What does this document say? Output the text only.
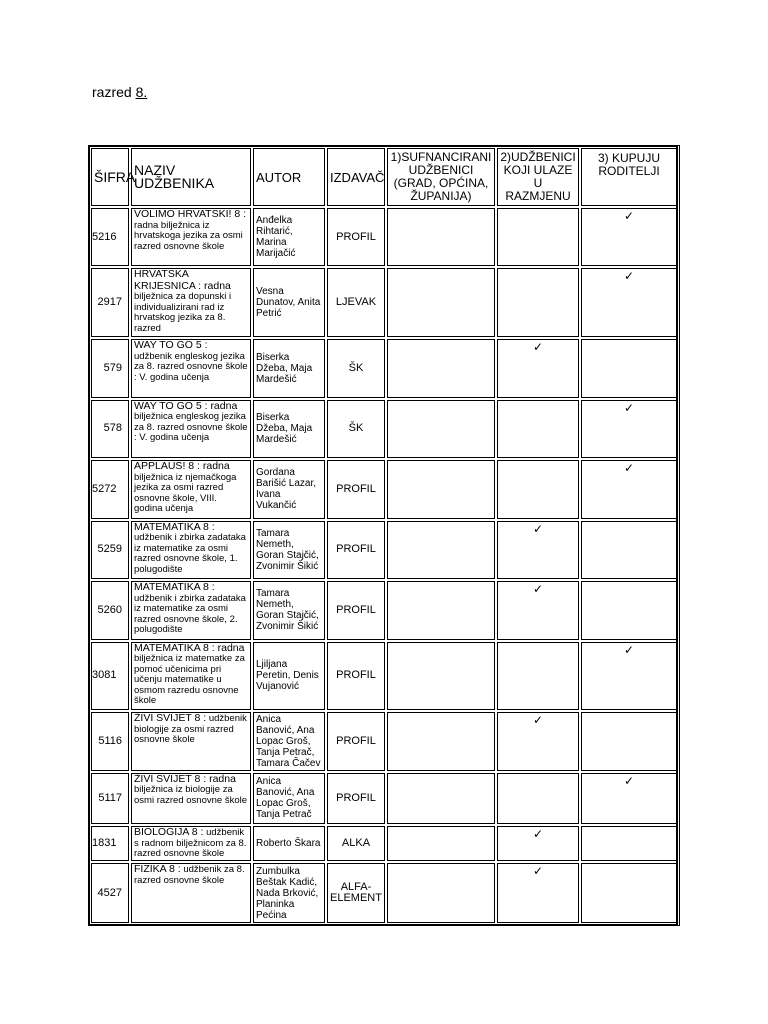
razred 8.
ŠIFRA	NAZIV UDŽBENIKA	AUTOR	IZDAVAČ	1)SUFNANCIRANI UDŽBENICI (GRAD, OPĆINA, ŽUPANIJA)	2)UDŽBENICI KOJI ULAZE U RAZMJENU	3) KUPUJU RODITELJI
5216	VOLIMO HRVATSKI! 8 : radna bilježnica iz hrvatskoga jezika za osmi razred osnovne škole	Anđelka Rihtarić, Marina Marijačić	PROFIL			✓
2917	HRVATSKA KRIJESNICA : radna bilježnica za dopunski i individualizirani rad iz hrvatskog jezika za 8. razred	Vesna Dunatov, Anita Petrić	LJEVAK			✓
579	WAY TO GO 5 : udžbenik engleskog jezika za 8. razred osnovne škole : V. godina učenja	Biserka Džeba, Maja Mardešić	ŠK		✓	
578	WAY TO GO 5 : radna bilježnica engleskog jezika za 8. razred osnovne škole : V. godina učenja	Biserka Džeba, Maja Mardešić	ŠK			✓
5272	APPLAUS! 8 : radna bilježnica iz njemačkoga jezika za osmi razred osnovne škole, VIII. godina učenja	Gordana Barišić Lazar, Ivana Vukančić	PROFIL			✓
5259	MATEMATIKA 8 : udžbenik i zbirka zadataka iz matematike za osmi razred osnovne škole, 1. polugodište	Tamara Nemeth, Goran Stajčić, Zvonimir Šikić	PROFIL		✓	
5260	MATEMATIKA 8 : udžbenik i zbirka zadataka iz matematike za osmi razred osnovne škole, 2. polugodište	Tamara Nemeth, Goran Stajčić, Zvonimir Šikić	PROFIL		✓	
3081	MATEMATIKA 8 : radna bilježnica iz matematke za pomoć učenicima pri učenju matematike u osmom razredu osnovne škole	Ljiljana Peretin, Denis Vujanović	PROFIL			✓
5116	ŽIVI SVIJET 8 : udžbenik biologije za osmi razred osnovne škole	Anica Banović, Ana Lopac Groš, Tanja Petrač, Tamara Čačev	PROFIL		✓	
5117	ŽIVI SVIJET 8 : radna bilježnica iz biologije za osmi razred osnovne škole	Anica Banović, Ana Lopac Groš, Tanja Petrač	PROFIL			✓
1831	BIOLOGIJA 8 : udžbenik s radnom bilježnicom za 8. razred osnovne škole	Roberto Škara	ALKA		✓	
4527	FIZIKA 8 : udžbenik za 8. razred osnovne škole	Zumbulka Beštak Kadić, Nada Brković, Planinka Pećina	ALFA-ELEMENT		✓	
